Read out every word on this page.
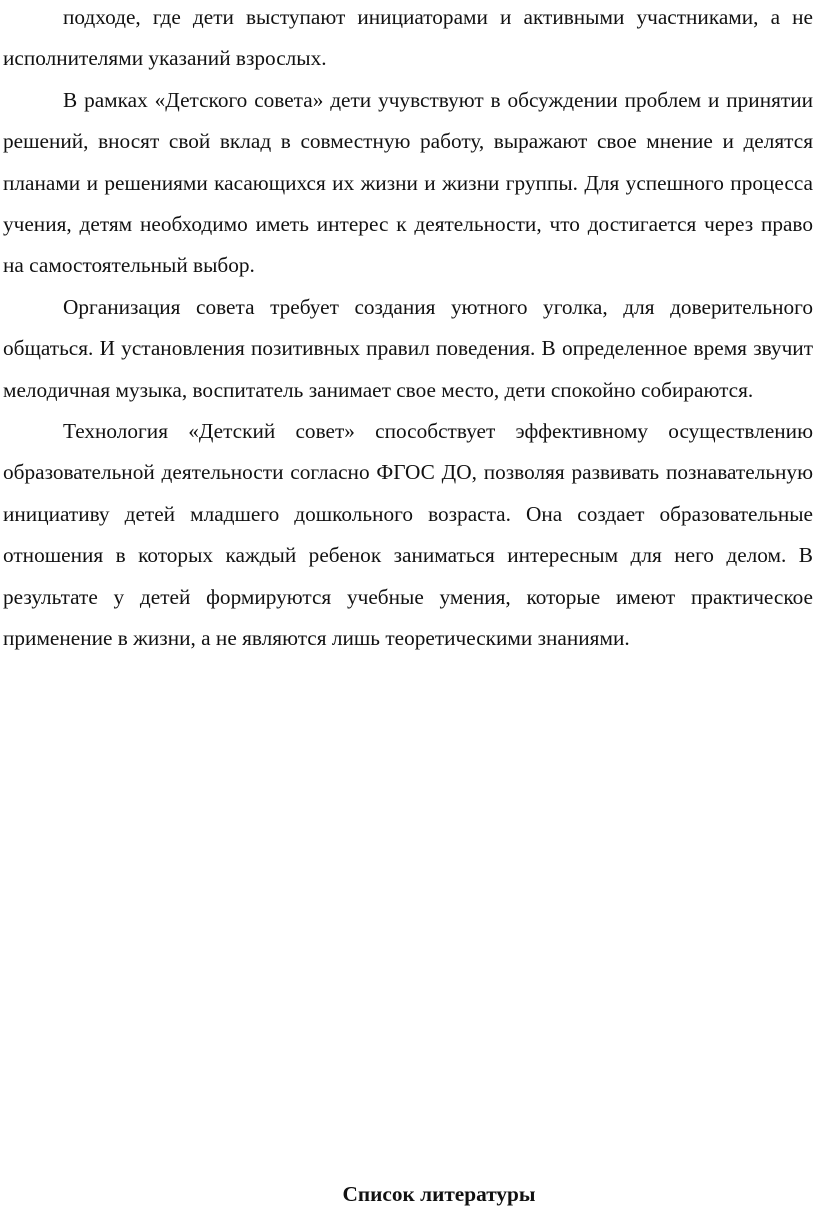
подходе, где дети выступают инициаторами и активными участниками, а не исполнителями указаний взрослых.

В рамках «Детского совета» дети учувствуют в обсуждении проблем и принятии решений, вносят свой вклад в совместную работу, выражают свое мнение и делятся планами и решениями касающихся их жизни и жизни группы. Для успешного процесса учения, детям необходимо иметь интерес к деятельности, что достигается через право на самостоятельный выбор.

Организация совета требует создания уютного уголка, для доверительного общаться. И установления позитивных правил поведения. В определенное время звучит мелодичная музыка, воспитатель занимает свое место, дети спокойно собираются.

Технология «Детский совет» способствует эффективному осуществлению образовательной деятельности согласно ФГОС ДО, позволяя развивать познавательную инициативу детей младшего дошкольного возраста. Она создает образовательные отношения в которых каждый ребенок заниматься интересным для него делом. В результате у детей формируются учебные умения, которые имеют практическое применение в жизни, а не являются лишь теоретическими знаниями.

Список литературы
